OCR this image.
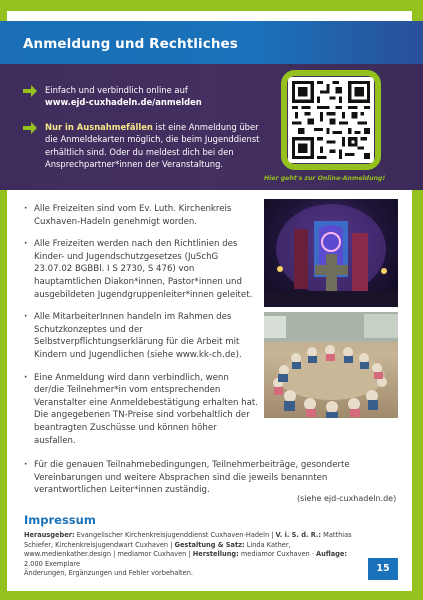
Anmeldung und Rechtliches
Einfach und verbindlich online auf
www.ejd-cuxhadeln.de/anmelden
Nur in Ausnahmefällen ist eine Anmeldung über die Anmeldekarten möglich, die beim Jugenddienst erhältlich sind. Oder du meldest dich bei den Ansprechpartner*innen der Veranstaltung.
Hier geht's zur Online-Anmeldung!
· Alle Freizeiten sind vom Ev. Luth. Kirchenkreis Cuxhaven-Hadeln genehmigt worden.
· Alle Freizeiten werden nach den Richtlinien des Kinder- und Jugendschutzgesetzes (JuSchG 23.07.02 BGBBl. I S 2730, S 476) von hauptamtlichen Diakon*innen, Pastor*innen und ausgebildeten Jugendgruppenleiter*innen geleitet.
· Alle MitarbeiterInnen handeln im Rahmen des Schutzkonzeptes und der Selbstverpflichtungserklärung für die Arbeit mit Kindern und Jugendlichen (siehe www.kk-ch.de).
· Eine Anmeldung wird dann verbindlich, wenn der/die Teilnehmer*in vom entsprechenden Veranstalter eine Anmeldebestätigung erhalten hat. Die angegebenen TN-Preise sind vorbehaltlich der beantragten Zuschüsse und können höher ausfallen.
· Für die genauen Teilnahmebedingungen, Teilnehmerbeiträge, gesonderte Vereinbarungen und weitere Absprachen sind die jeweils benannten verantwortlichen Leiter*innen zuständig.
(siehe ejd-cuxhadeln.de)
Impressum
Herausgeber: Evangelischer Kirchenkreisjugenddienst Cuxhaven-Hadeln | V. i. S. d. R.: Matthias Schiefer, Kirchenkreisjugendwart Cuxhaven | Gestaltung & Satz: Linda Kather, www.medienkather.design | mediamor Cuxhaven | Herstellung: mediamor Cuxhaven · Auflage: 2.000 Exemplare
Änderungen, Ergänzungen und Fehler vorbehalten.	15
